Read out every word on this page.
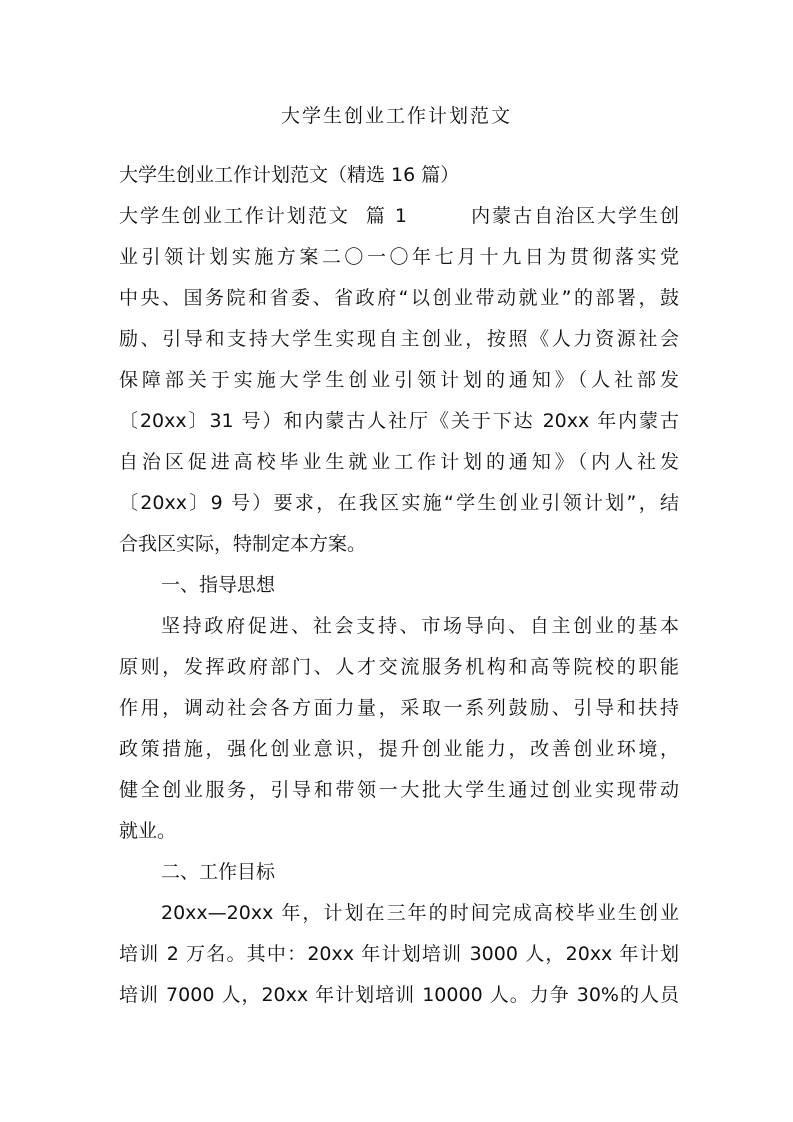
大学生创业工作计划范文
大学生创业工作计划范文（精选 16 篇）
大学生创业工作计划范文  篇 1        内蒙古自治区大学生创
业引领计划实施方案二〇一〇年七月十九日为贯彻落实党
中央、国务院和省委、省政府“以创业带动就业”的部署，鼓
励、引导和支持大学生实现自主创业，按照《人力资源社会
保障部关于实施大学生创业引领计划的通知》（人社部发
〔20xx〕31 号）和内蒙古人社厅《关于下达 20xx 年内蒙古
自治区促进高校毕业生就业工作计划的通知》（内人社发
〔20xx〕9 号）要求，在我区实施“学生创业引领计划”，结
合我区实际，特制定本方案。
一、指导思想
坚持政府促进、社会支持、市场导向、自主创业的基本
原则，发挥政府部门、人才交流服务机构和高等院校的职能
作用，调动社会各方面力量，采取一系列鼓励、引导和扶持
政策措施，强化创业意识，提升创业能力，改善创业环境，
健全创业服务，引导和带领一大批大学生通过创业实现带动
就业。
二、工作目标
20xx—20xx 年，计划在三年的时间完成高校毕业生创业
培训 2 万名。其中：20xx 年计划培训 3000 人，20xx 年计划
培训 7000 人，20xx 年计划培训 10000 人。力争 30%的人员
